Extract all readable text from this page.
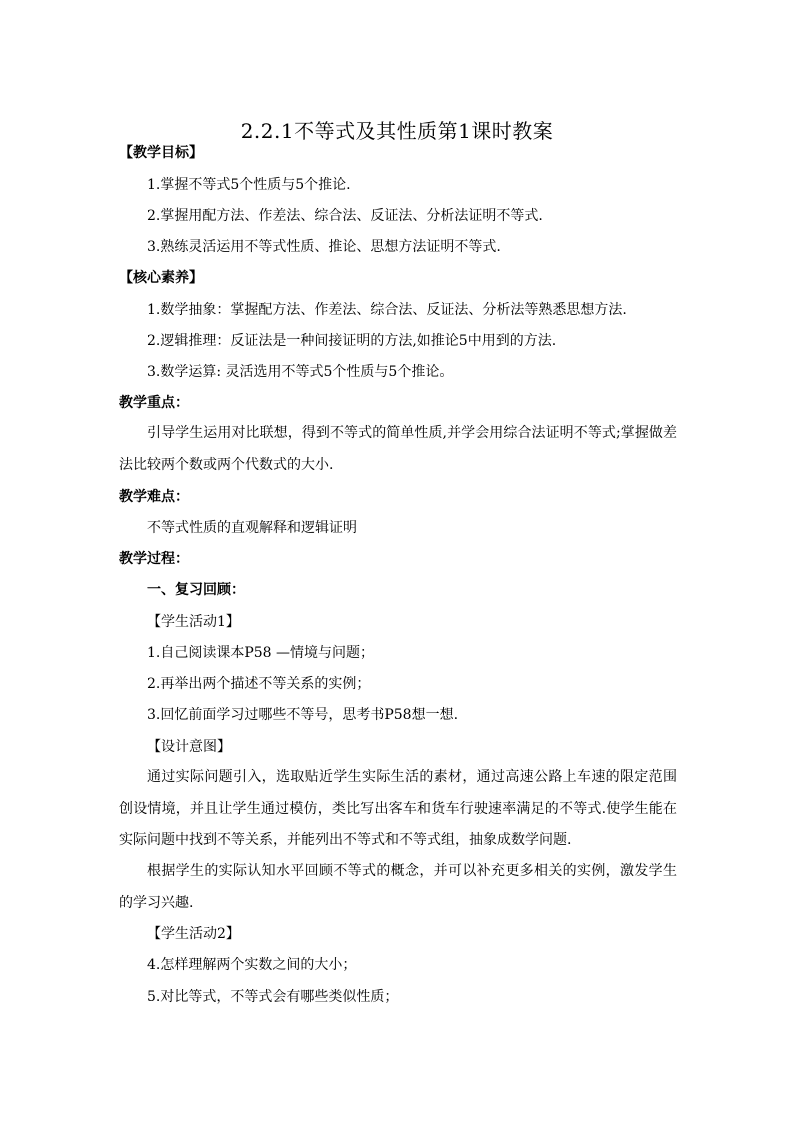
2.2.1不等式及其性质第1课时教案
【教学目标】
1.掌握不等式5个性质与5个推论.
2.掌握用配方法、作差法、综合法、反证法、分析法证明不等式.
3.熟练灵活运用不等式性质、推论、思想方法证明不等式.
【核心素养】
1.数学抽象：掌握配方法、作差法、综合法、反证法、分析法等熟悉思想方法.
2.逻辑推理：反证法是一种间接证明的方法,如推论5中用到的方法.
3.数学运算: 灵活选用不等式5个性质与5个推论。
教学重点：
引导学生运用对比联想，得到不等式的简单性质,并学会用综合法证明不等式;掌握做差法比较两个数或两个代数式的大小.
教学难点：
不等式性质的直观解释和逻辑证明
教学过程：
一、复习回顾：
【学生活动1】
1.自己阅读课本P58 —情境与问题；
2.再举出两个描述不等关系的实例；
3.回忆前面学习过哪些不等号，思考书P58想一想.
【设计意图】
通过实际问题引入，选取贴近学生实际生活的素材，通过高速公路上车速的限定范围创设情境，并且让学生通过模仿，类比写出客车和货车行驶速率满足的不等式.使学生能在实际问题中找到不等关系，并能列出不等式和不等式组，抽象成数学问题.
根据学生的实际认知水平回顾不等式的概念，并可以补充更多相关的实例，激发学生的学习兴趣.
【学生活动2】
4.怎样理解两个实数之间的大小；
5.对比等式，不等式会有哪些类似性质；
